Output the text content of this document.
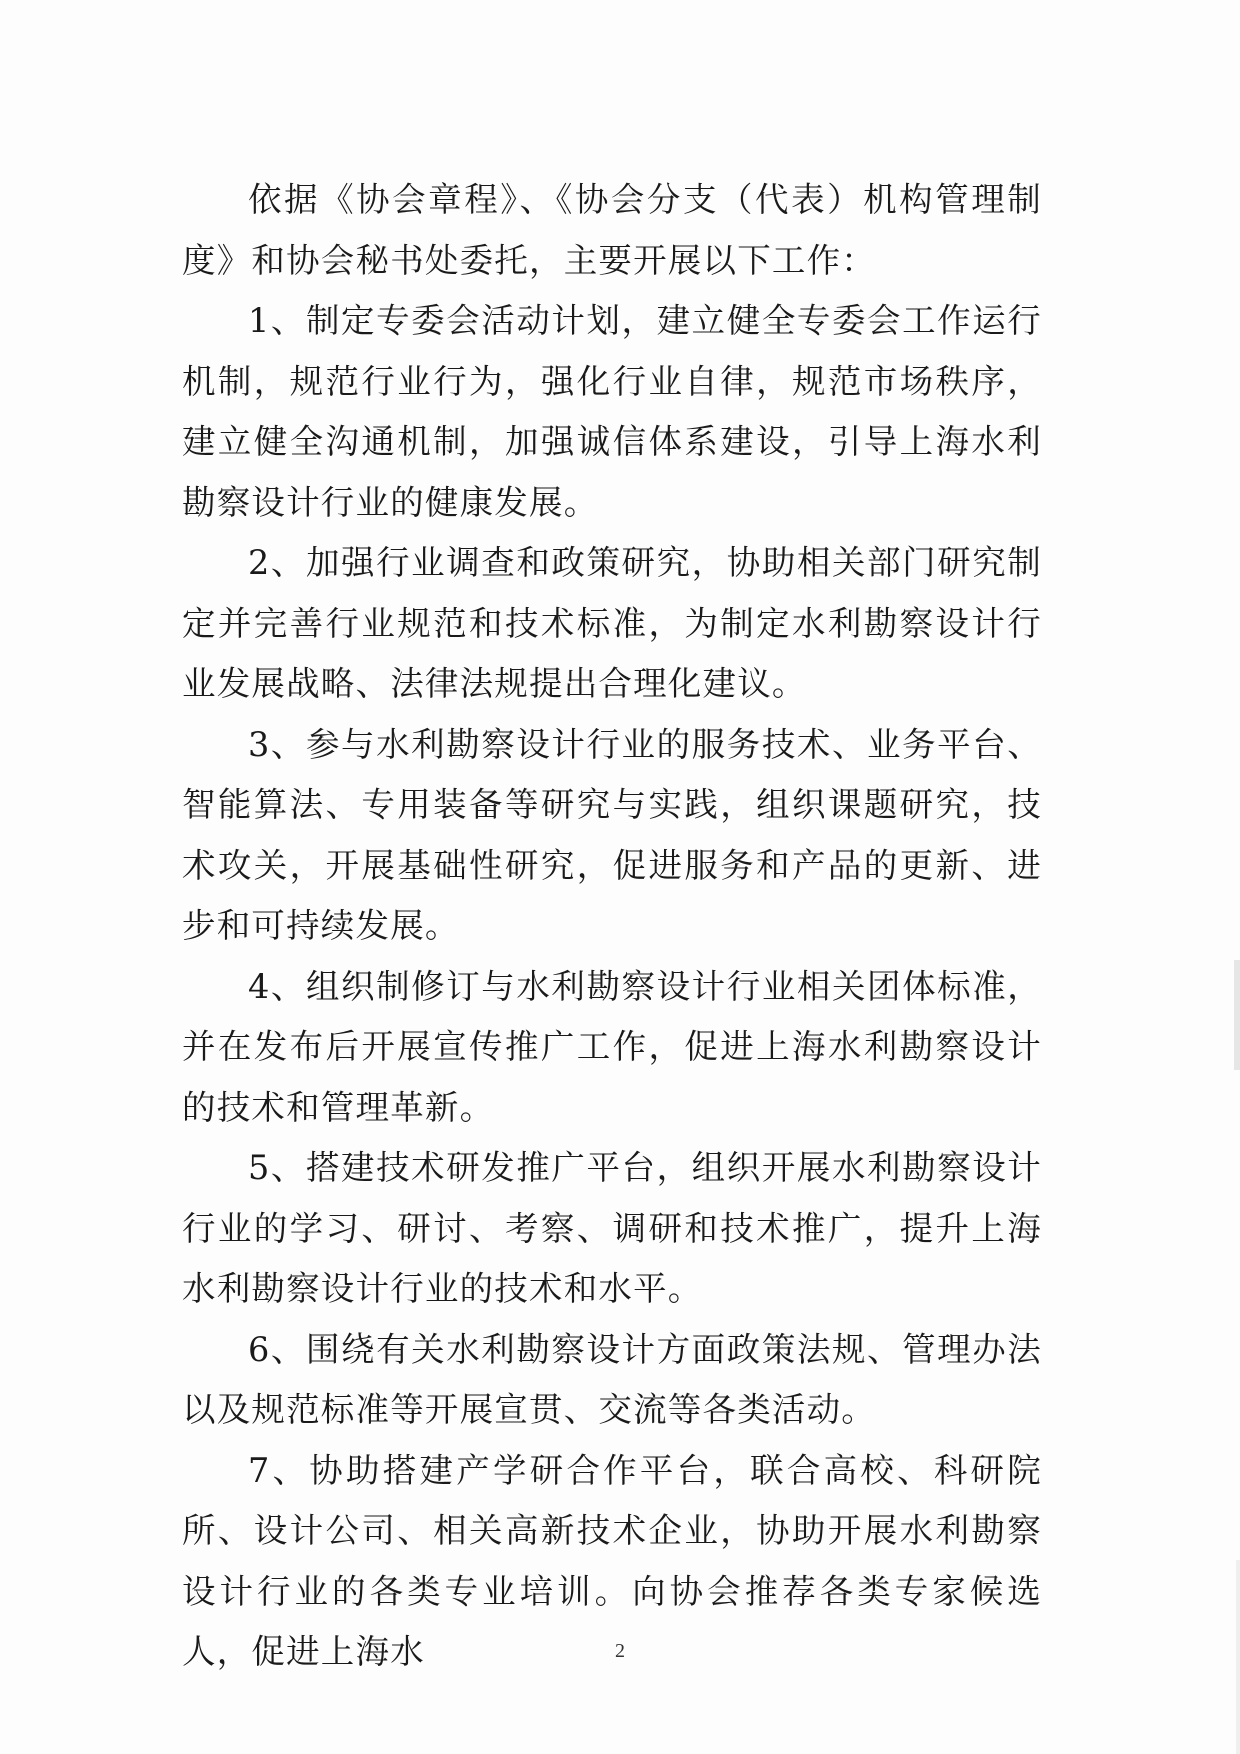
依据《协会章程》、《协会分支（代表）机构管理制度》和协会秘书处委托，主要开展以下工作：

1、制定专委会活动计划，建立健全专委会工作运行机制，规范行业行为，强化行业自律，规范市场秩序，建立健全沟通机制，加强诚信体系建设，引导上海水利勘察设计行业的健康发展。

2、加强行业调查和政策研究，协助相关部门研究制定并完善行业规范和技术标准，为制定水利勘察设计行业发展战略、法律法规提出合理化建议。

3、参与水利勘察设计行业的服务技术、业务平台、智能算法、专用装备等研究与实践，组织课题研究，技术攻关，开展基础性研究，促进服务和产品的更新、进步和可持续发展。

4、组织制修订与水利勘察设计行业相关团体标准，并在发布后开展宣传推广工作，促进上海水利勘察设计的技术和管理革新。

5、搭建技术研发推广平台，组织开展水利勘察设计行业的学习、研讨、考察、调研和技术推广，提升上海水利勘察设计行业的技术和水平。

6、围绕有关水利勘察设计方面政策法规、管理办法以及规范标准等开展宣贯、交流等各类活动。

7、协助搭建产学研合作平台，联合高校、科研院所、设计公司、相关高新技术企业，协助开展水利勘察设计行业的各类专业培训。向协会推荐各类专家候选人，促进上海水	2
